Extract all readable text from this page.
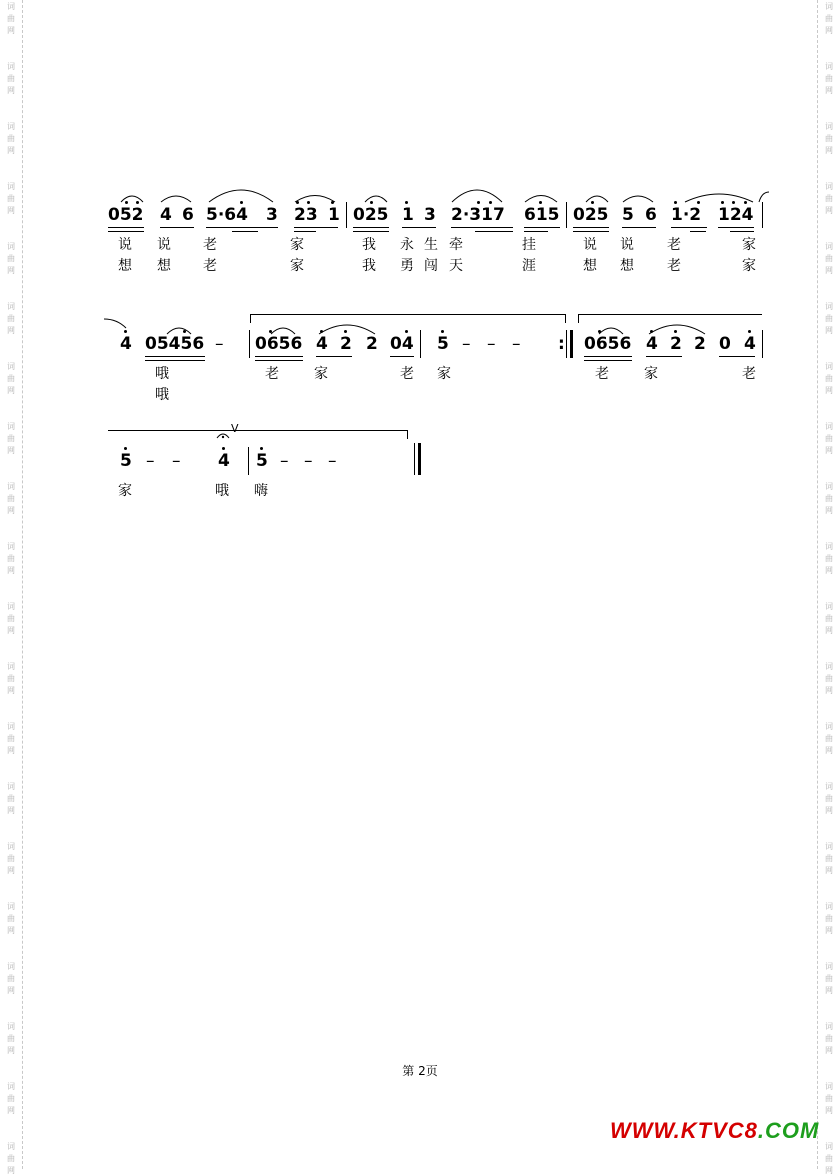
词
曲
网
词
曲
网
词
曲
网
词
曲
网
词
曲
网
词
曲
网
词
曲
网
词
曲
网
词
曲
网
词
曲
网
词
曲
网
词
曲
网
词
曲
网
词
曲
网
词
曲
网
词
曲
网
词
曲
网
词
曲
网
词
曲
网
词
曲
网
词
曲
网
词
曲
网
词
曲
网
词
曲
网
词
曲
网
词
曲
网
词
曲
网
词
曲
网
词
曲
网
词
曲
网
词
曲
网
词
曲
网
词
曲
网
词
曲
网
词
曲
网
词
曲
网
词
曲
网
词
曲
网
词
曲
网
词
曲
网
052 4 6 5·64 3 23 1 025 1 3 2·317 615 025 5 6 1·2 124
说 说 老	家	我 永 生 牵	挂	说 说 老	家
想 想 老	家	我 勇 闯 天	涯	想 想 老	家
4 05456 – 0656 4 2 2 04 5 – – – : 0656 4 2 2 0 4
哦	老	家	老 家	老	家	老
哦
5 – – 4
V
5 – – –
家	哦 嗨
第 2页
WWW.KTVC8.COM
